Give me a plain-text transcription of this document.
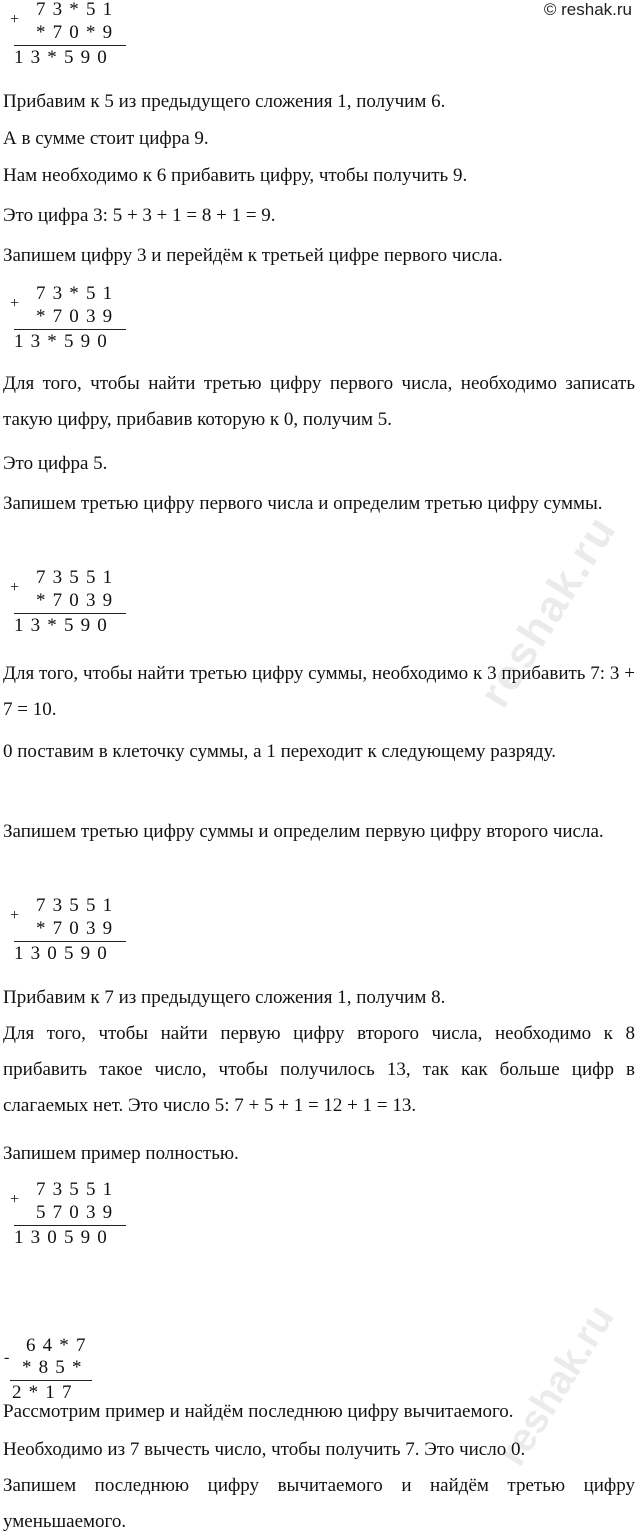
© reshak.ru
reshak.ru
reshak.ru
+ 7 3 * 5 1
* 7 0 * 9
1 3 * 5 9 0

Прибавим к 5 из предыдущего сложения 1, получим 6.

А в сумме стоит цифра 9.

Нам необходимо к 6 прибавить цифру, чтобы получить 9.

Это цифра 3: 5 + 3 + 1 = 8 + 1 = 9.

Запишем цифру 3 и перейдём к третьей цифре первого числа.

+ 7 3 * 5 1
* 7 0 3 9
1 3 * 5 9 0

Для того, чтобы найти третью цифру первого числа, необходимо записать такую цифру, прибавив которую к 0, получим 5.

Это цифра 5.

Запишем третью цифру первого числа и определим третью цифру суммы.

+ 7 3 5 5 1
* 7 0 3 9
1 3 * 5 9 0

Для того, чтобы найти третью цифру суммы, необходимо к 3 прибавить 7: 3 + 7 = 10.

0 поставим в клеточку суммы, а 1 переходит к следующему разряду.

Запишем третью цифру суммы и определим первую цифру второго числа.

+ 7 3 5 5 1
* 7 0 3 9
1 3 0 5 9 0

Прибавим к 7 из предыдущего сложения 1, получим 8.

Для того, чтобы найти первую цифру второго числа, необходимо к 8 прибавить такое число, чтобы получилось 13, так как больше цифр в слагаемых нет. Это число 5: 7 + 5 + 1 = 12 + 1 = 13.

Запишем пример полностью.

+ 7 3 5 5 1
5 7 0 3 9
1 3 0 5 9 0
-
6 4 * 7
* 8 5 *
2 * 1 7

Рассмотрим пример и найдём последнюю цифру вычитаемого.

Необходимо из 7 вычесть число, чтобы получить 7. Это число 0.

Запишем последнюю цифру вычитаемого и найдём третью цифру уменьшаемого.
